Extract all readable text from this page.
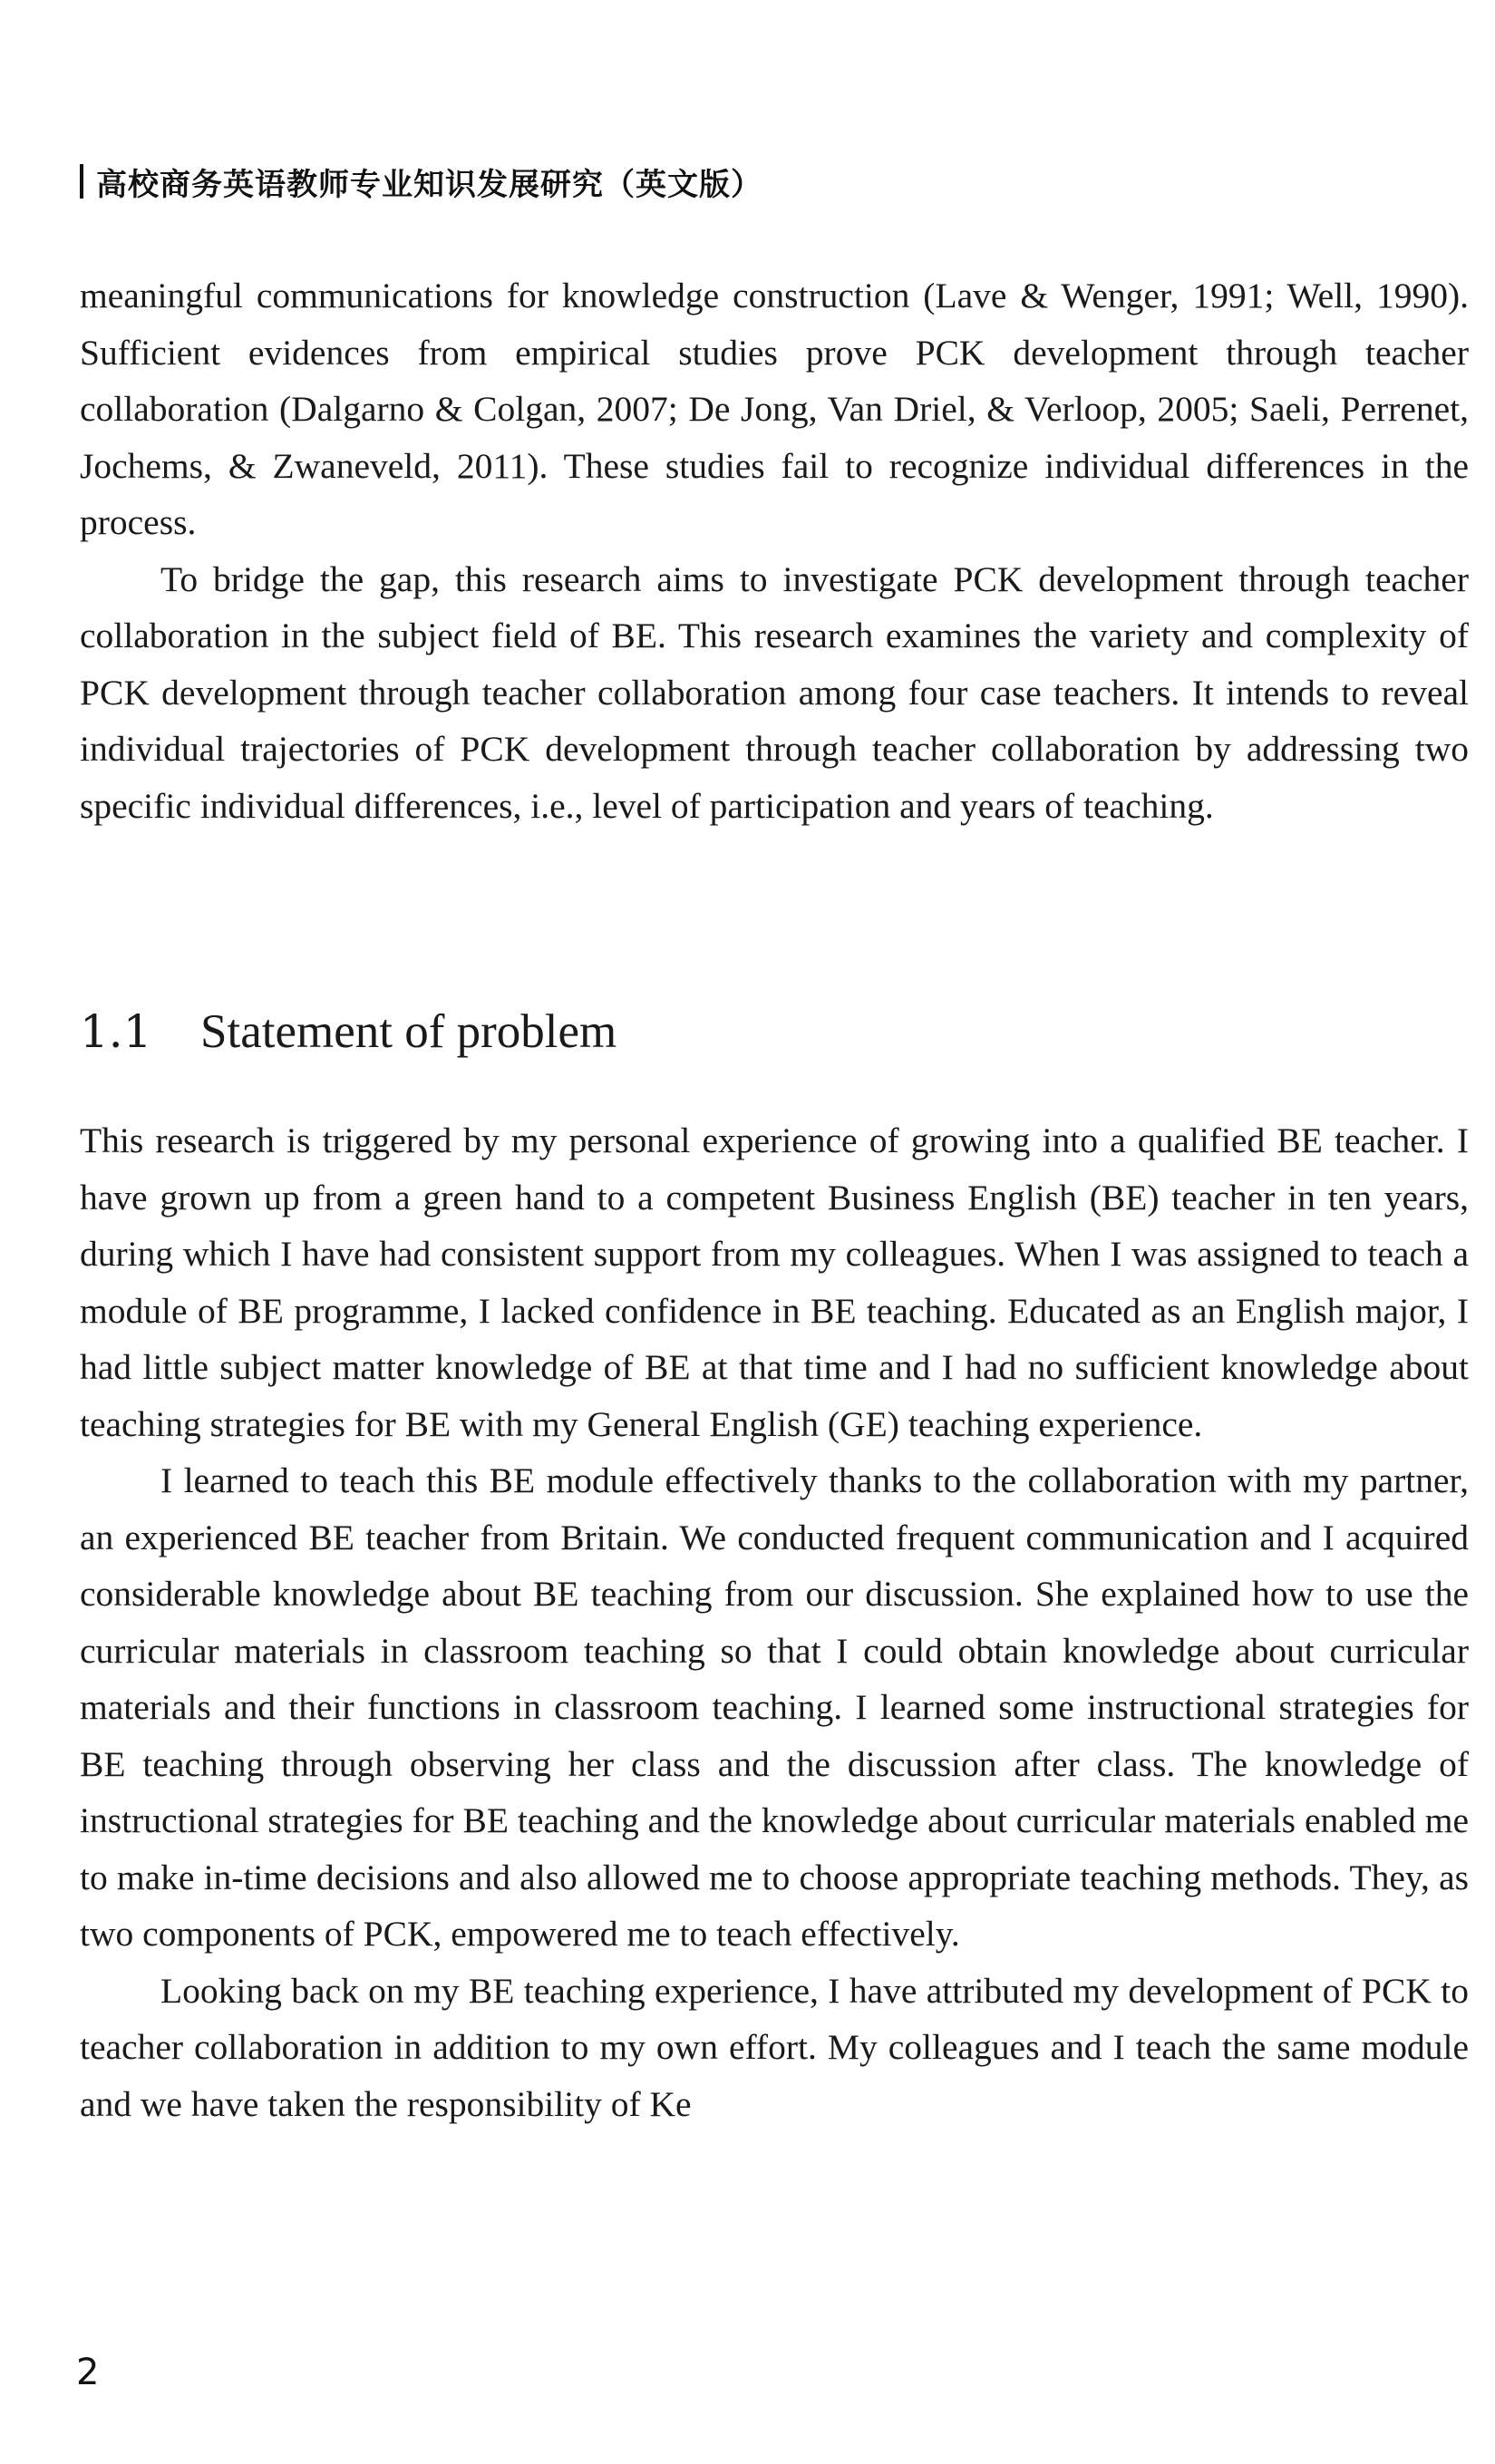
高校商务英语教师专业知识发展研究（英文版）

meaningful communications for knowledge construction (Lave & Wenger, 1991; Well, 1990). Sufficient evidences from empirical studies prove PCK development through teacher collaboration (Dalgarno & Colgan, 2007; De Jong, Van Driel, & Verloop, 2005; Saeli, Perrenet, Jochems, & Zwaneveld, 2011). These studies fail to recognize individual differences in the process.

To bridge the gap, this research aims to investigate PCK development through teacher collaboration in the subject field of BE. This research examines the variety and complexity of PCK development through teacher collaboration among four case teachers. It intends to reveal individual trajectories of PCK development through teacher collaboration by addressing two specific individual differences, i.e., level of participation and years of teaching.

1.1 Statement of problem

This research is triggered by my personal experience of growing into a qualified BE teacher. I have grown up from a green hand to a competent Business English (BE) teacher in ten years, during which I have had consistent support from my colleagues. When I was assigned to teach a module of BE programme, I lacked confidence in BE teaching. Educated as an English major, I had little subject matter knowledge of BE at that time and I had no sufficient knowledge about teaching strategies for BE with my General English (GE) teaching experience.

I learned to teach this BE module effectively thanks to the collaboration with my partner, an experienced BE teacher from Britain. We conducted frequent communication and I acquired considerable knowledge about BE teaching from our discussion. She explained how to use the curricular materials in classroom teaching so that I could obtain knowledge about curricular materials and their functions in classroom teaching. I learned some instructional strategies for BE teaching through observing her class and the discussion after class. The knowledge of instructional strategies for BE teaching and the knowledge about curricular materials enabled me to make in-time decisions and also allowed me to choose appropriate teaching methods. They, as two components of PCK, empowered me to teach effectively.

Looking back on my BE teaching experience, I have attributed my development of PCK to teacher collaboration in addition to my own effort. My colleagues and I teach the same module and we have taken the responsibility of Ke

2
